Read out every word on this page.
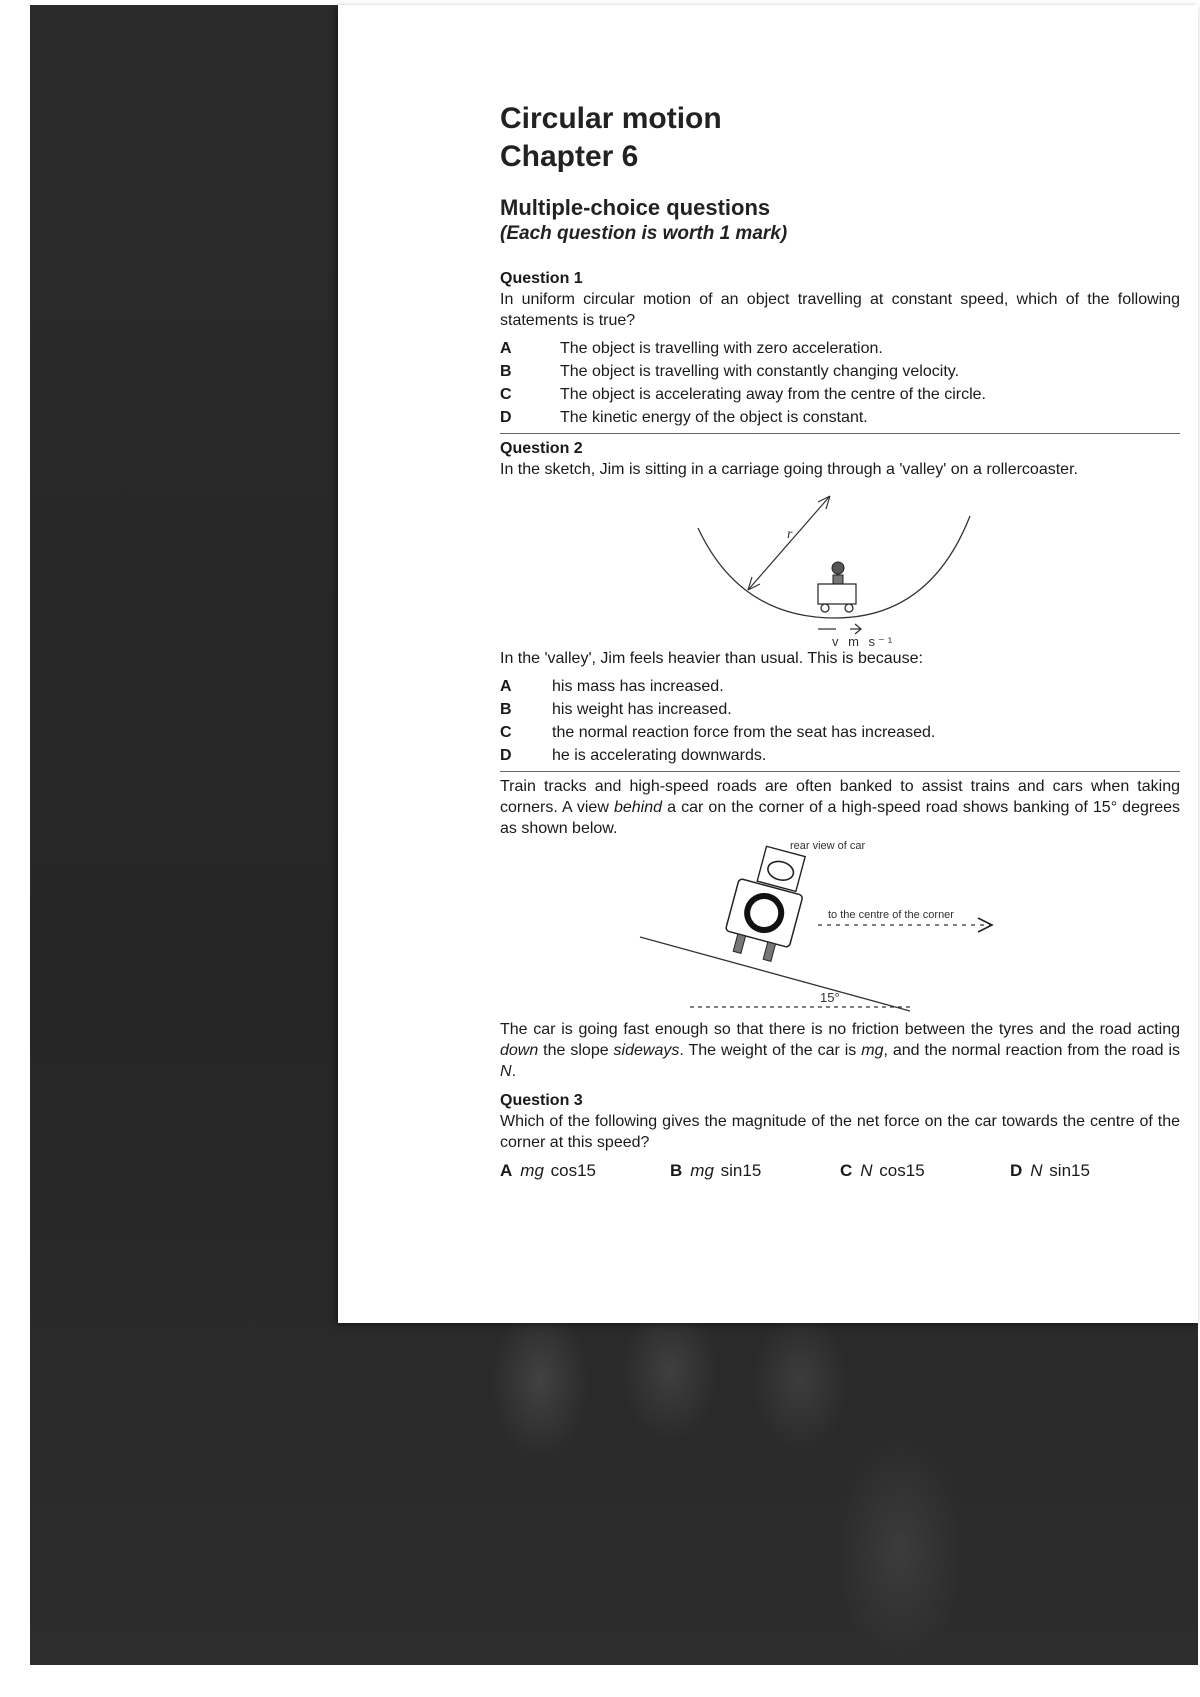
Circular motion
Chapter 6

Multiple-choice questions

(Each question is worth 1 mark)

Question 1

In uniform circular motion of an object travelling at constant speed, which of the following statements is true?

A	The object is travelling with zero acceleration.
B	The object is travelling with constantly changing velocity.
C	The object is accelerating away from the centre of the circle.
D	The kinetic energy of the object is constant.

Question 2

In the sketch, Jim is sitting in a carriage going through a 'valley' on a rollercoaster.

r
v m s⁻¹

In the 'valley', Jim feels heavier than usual. This is because:

A	his mass has increased.
B	his weight has increased.
C	the normal reaction force from the seat has increased.
D	he is accelerating downwards.

Train tracks and high-speed roads are often banked to assist trains and cars when taking corners. A view behind a car on the corner of a high-speed road shows banking of 15° degrees as shown below.

rear view of car
15°
to the centre of the corner

The car is going fast enough so that there is no friction between the tyres and the road acting down the slope sideways. The weight of the car is mg, and the normal reaction from the road is N.

Question 3

Which of the following gives the magnitude of the net force on the car towards the centre of the corner at this speed?

A mg cos15	B mg sin15	C N cos15	D N sin15
